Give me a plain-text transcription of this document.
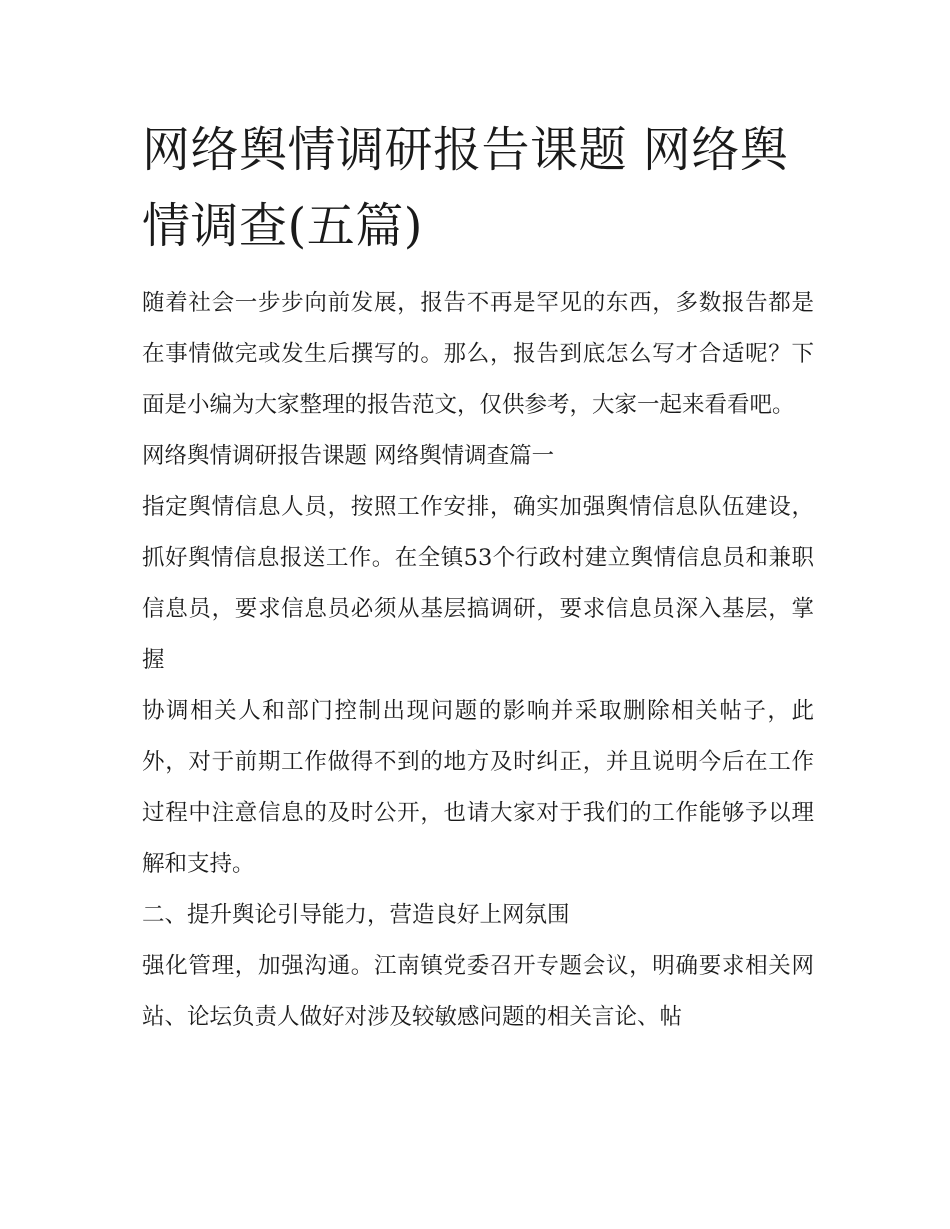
网络舆情调研报告课题 网络舆情调查(五篇)

随着社会一步步向前发展，报告不再是罕见的东西，多数报告都是在事情做完或发生后撰写的。那么，报告到底怎么写才合适呢？下面是小编为大家整理的报告范文，仅供参考，大家一起来看看吧。

网络舆情调研报告课题 网络舆情调查篇一

指定舆情信息人员，按照工作安排，确实加强舆情信息队伍建设，抓好舆情信息报送工作。在全镇53个行政村建立舆情信息员和兼职信息员，要求信息员必须从基层搞调研，要求信息员深入基层，掌握

协调相关人和部门控制出现问题的影响并采取删除相关帖子，此外，对于前期工作做得不到的地方及时纠正，并且说明今后在工作过程中注意信息的及时公开，也请大家对于我们的工作能够予以理解和支持。

二、提升舆论引导能力，营造良好上网氛围

强化管理，加强沟通。江南镇党委召开专题会议，明确要求相关网站、论坛负责人做好对涉及较敏感问题的相关言论、帖
